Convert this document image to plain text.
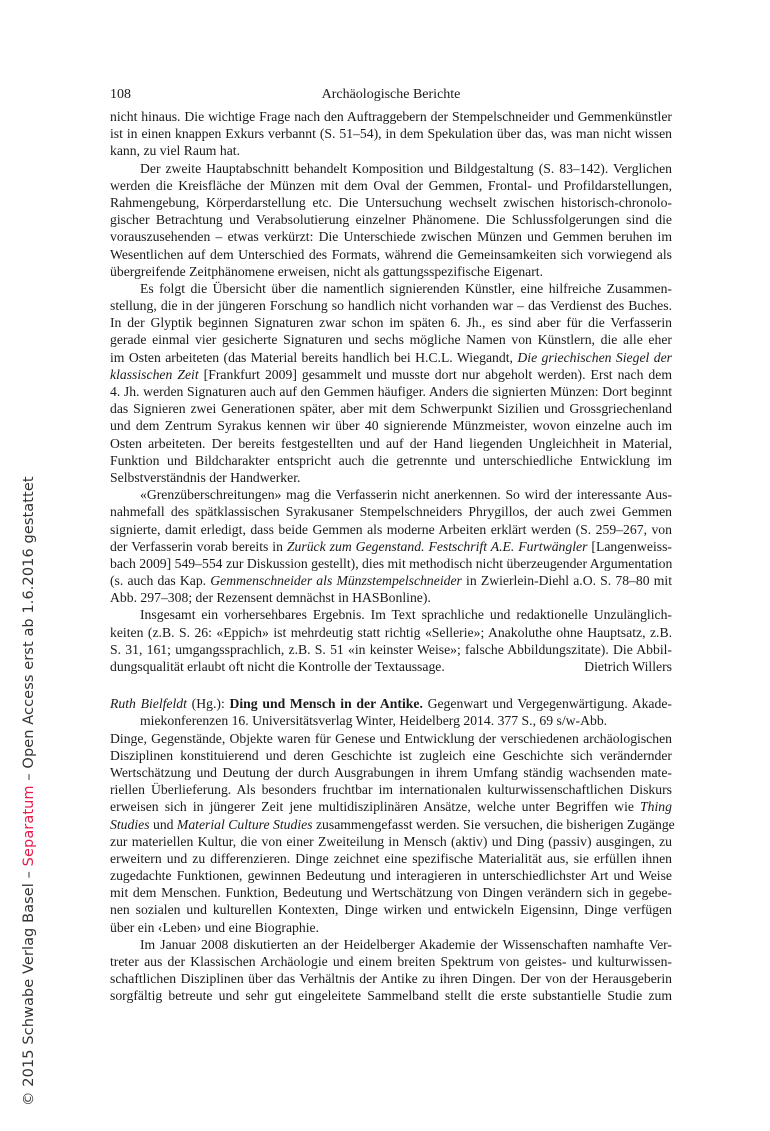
108	Archäologische Berichte
nicht hinaus. Die wichtige Frage nach den Auftraggebern der Stempelschneider und Gemmenkünstler
ist in einen knappen Exkurs verbannt (S. 51–54), in dem Spekulation über das, was man nicht wissen
kann, zu viel Raum hat.
Der zweite Hauptabschnitt behandelt Komposition und Bildgestaltung (S. 83–142). Verglichen
werden die Kreisfläche der Münzen mit dem Oval der Gemmen, Frontal- und Profildarstellungen,
Rahmengebung, Körperdarstellung etc. Die Untersuchung wechselt zwischen historisch-chronolo-
gischer Betrachtung und Verabsolutierung einzelner Phänomene. Die Schlussfolgerungen sind die
vorauszusehenden – etwas verkürzt: Die Unterschiede zwischen Münzen und Gemmen beruhen im
Wesentlichen auf dem Unterschied des Formats, während die Gemeinsamkeiten sich vorwiegend als
übergreifende Zeitphänomene erweisen, nicht als gattungsspezifische Eigenart.
Es folgt die Übersicht über die namentlich signierenden Künstler, eine hilfreiche Zusammen-
stellung, die in der jüngeren Forschung so handlich nicht vorhanden war – das Verdienst des Buches.
In der Glyptik beginnen Signaturen zwar schon im späten 6. Jh., es sind aber für die Verfasserin
gerade einmal vier gesicherte Signaturen und sechs mögliche Namen von Künstlern, die alle eher
im Osten arbeiteten (das Material bereits handlich bei H.C.L. Wiegandt, Die griechischen Siegel der
klassischen Zeit [Frankfurt 2009] gesammelt und musste dort nur abgeholt werden). Erst nach dem
4. Jh. werden Signaturen auch auf den Gemmen häufiger. Anders die signierten Münzen: Dort beginnt
das Signieren zwei Generationen später, aber mit dem Schwerpunkt Sizilien und Grossgriechenland
und dem Zentrum Syrakus kennen wir über 40 signierende Münzmeister, wovon einzelne auch im
Osten arbeiteten. Der bereits festgestellten und auf der Hand liegenden Ungleichheit in Material,
Funktion und Bildcharakter entspricht auch die getrennte und unterschiedliche Entwicklung im
Selbstverständnis der Handwerker.
«Grenzüberschreitungen» mag die Verfasserin nicht anerkennen. So wird der interessante Aus-
nahmefall des spätklassischen Syrakusaner Stempelschneiders Phrygillos, der auch zwei Gemmen
signierte, damit erledigt, dass beide Gemmen als moderne Arbeiten erklärt werden (S. 259–267, von
der Verfasserin vorab bereits in Zurück zum Gegenstand. Festschrift A.E. Furtwängler [Langenweiss-
bach 2009] 549–554 zur Diskussion gestellt), dies mit methodisch nicht überzeugender Argumentation
(s. auch das Kap. Gemmenschneider als Münzstempelschneider in Zwierlein-Diehl a.O. S. 78–80 mit
Abb. 297–308; der Rezensent demnächst in HASBonline).
Insgesamt ein vorhersehbares Ergebnis. Im Text sprachliche und redaktionelle Unzulänglich-
keiten (z.B. S. 26: «Eppich» ist mehrdeutig statt richtig «Sellerie»; Anakoluthe ohne Hauptsatz, z.B.
S. 31, 161; umgangssprachlich, z.B. S. 51 «in keinster Weise»; falsche Abbildungszitate). Die Abbil-
Dietrich Willers
dungsqualität erlaubt oft nicht die Kontrolle der Textaussage.
Ruth Bielfeldt (Hg.): Ding und Mensch in der Antike. Gegenwart und Vergegenwärtigung. Akade-
miekonferenzen 16. Universitätsverlag Winter, Heidelberg 2014. 377 S., 69 s/w-Abb.
Dinge, Gegenstände, Objekte waren für Genese und Entwicklung der verschiedenen archäologischen
Disziplinen konstituierend und deren Geschichte ist zugleich eine Geschichte sich verändernder
Wertschätzung und Deutung der durch Ausgrabungen in ihrem Umfang ständig wachsenden mate-
riellen Überlieferung. Als besonders fruchtbar im internationalen kulturwissenschaftlichen Diskurs
erweisen sich in jüngerer Zeit jene multidisziplinären Ansätze, welche unter Begriffen wie Thing
Studies und Material Culture Studies zusammengefasst werden. Sie versuchen, die bisherigen Zugänge
zur materiellen Kultur, die von einer Zweiteilung in Mensch (aktiv) und Ding (passiv) ausgingen, zu
erweitern und zu differenzieren. Dinge zeichnet eine spezifische Materialität aus, sie erfüllen ihnen
zugedachte Funktionen, gewinnen Bedeutung und interagieren in unterschiedlichster Art und Weise
mit dem Menschen. Funktion, Bedeutung und Wertschätzung von Dingen verändern sich in gegebe-
nen sozialen und kulturellen Kontexten, Dinge wirken und entwickeln Eigensinn, Dinge verfügen
über ein ‹Leben› und eine Biographie.
Im Januar 2008 diskutierten an der Heidelberger Akademie der Wissenschaften namhafte Ver-
treter aus der Klassischen Archäologie und einem breiten Spektrum von geistes- und kulturwissen-
schaftlichen Disziplinen über das Verhältnis der Antike zu ihren Dingen. Der von der Herausgeberin
sorgfältig betreute und sehr gut eingeleitete Sammelband stellt die erste substantielle Studie zum
© 2015 Schwabe Verlag Basel – Separatum – Open Access erst ab 1.6.2016 gestattet
